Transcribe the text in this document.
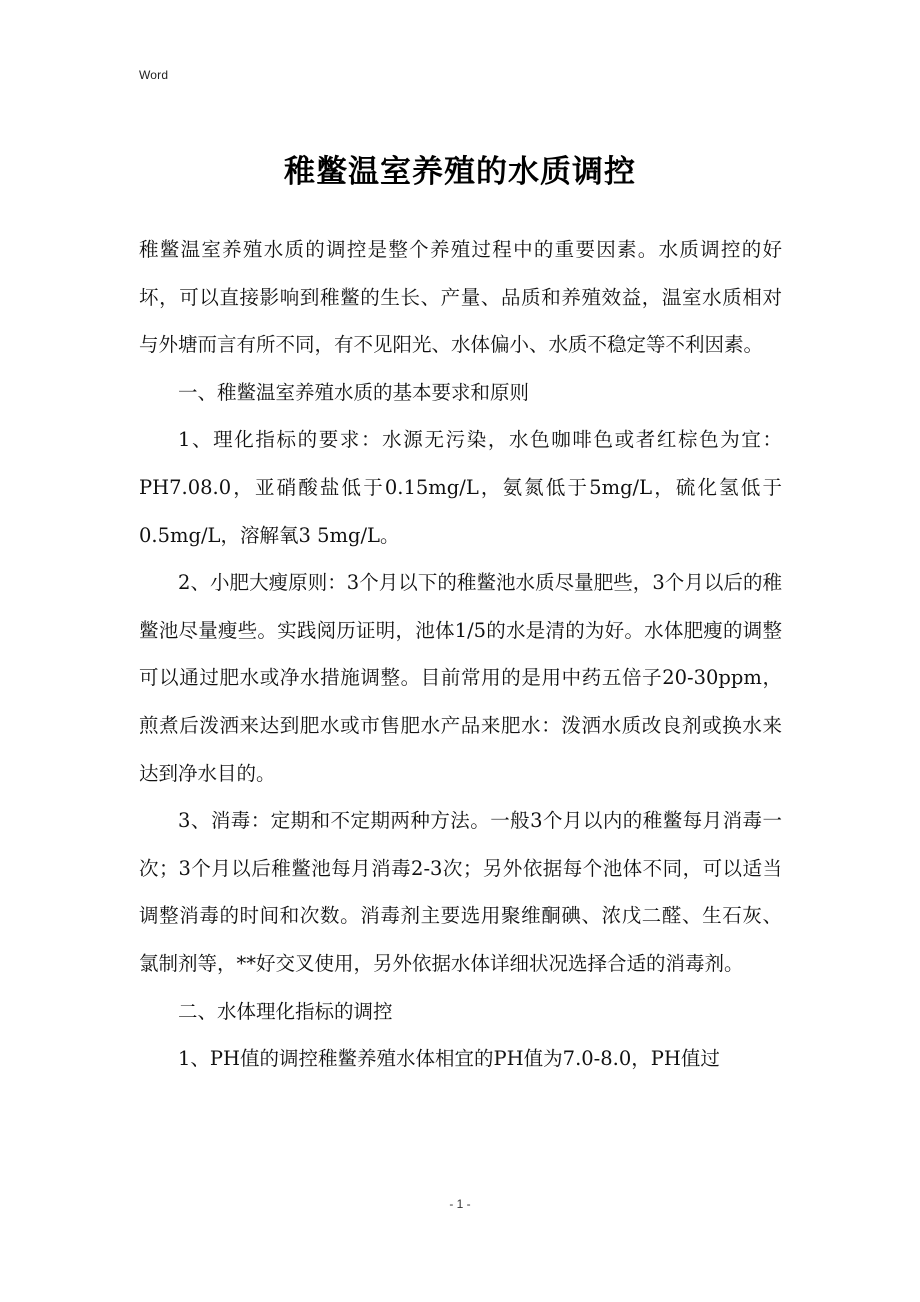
Word
稚鳖温室养殖的水质调控

稚鳖温室养殖水质的调控是整个养殖过程中的重要因素。水质调控的好坏，可以直接影响到稚鳖的生长、产量、品质和养殖效益，温室水质相对与外塘而言有所不同，有不见阳光、水体偏小、水质不稳定等不利因素。

一、稚鳖温室养殖水质的基本要求和原则

1、理化指标的要求：水源无污染，水色咖啡色或者红棕色为宜：PH7.08.0，亚硝酸盐低于0.15mg/L，氨氮低于5mg/L，硫化氢低于0.5mg/L，溶解氧3 5mg/L。

2、小肥大瘦原则：3个月以下的稚鳖池水质尽量肥些，3个月以后的稚鳖池尽量瘦些。实践阅历证明，池体1/5的水是清的为好。水体肥瘦的调整可以通过肥水或净水措施调整。目前常用的是用中药五倍子20-30ppm，煎煮后泼洒来达到肥水或市售肥水产品来肥水：泼洒水质改良剂或换水来达到净水目的。

3、消毒：定期和不定期两种方法。一般3个月以内的稚鳖每月消毒一次；3个月以后稚鳖池每月消毒2-3次；另外依据每个池体不同，可以适当调整消毒的时间和次数。消毒剂主要选用聚维酮碘、浓戊二醛、生石灰、氯制剂等，**好交叉使用，另外依据水体详细状况选择合适的消毒剂。

二、水体理化指标的调控

1、PH值的调控稚鳖养殖水体相宜的PH值为7.0-8.0，PH值过

- 1 -
